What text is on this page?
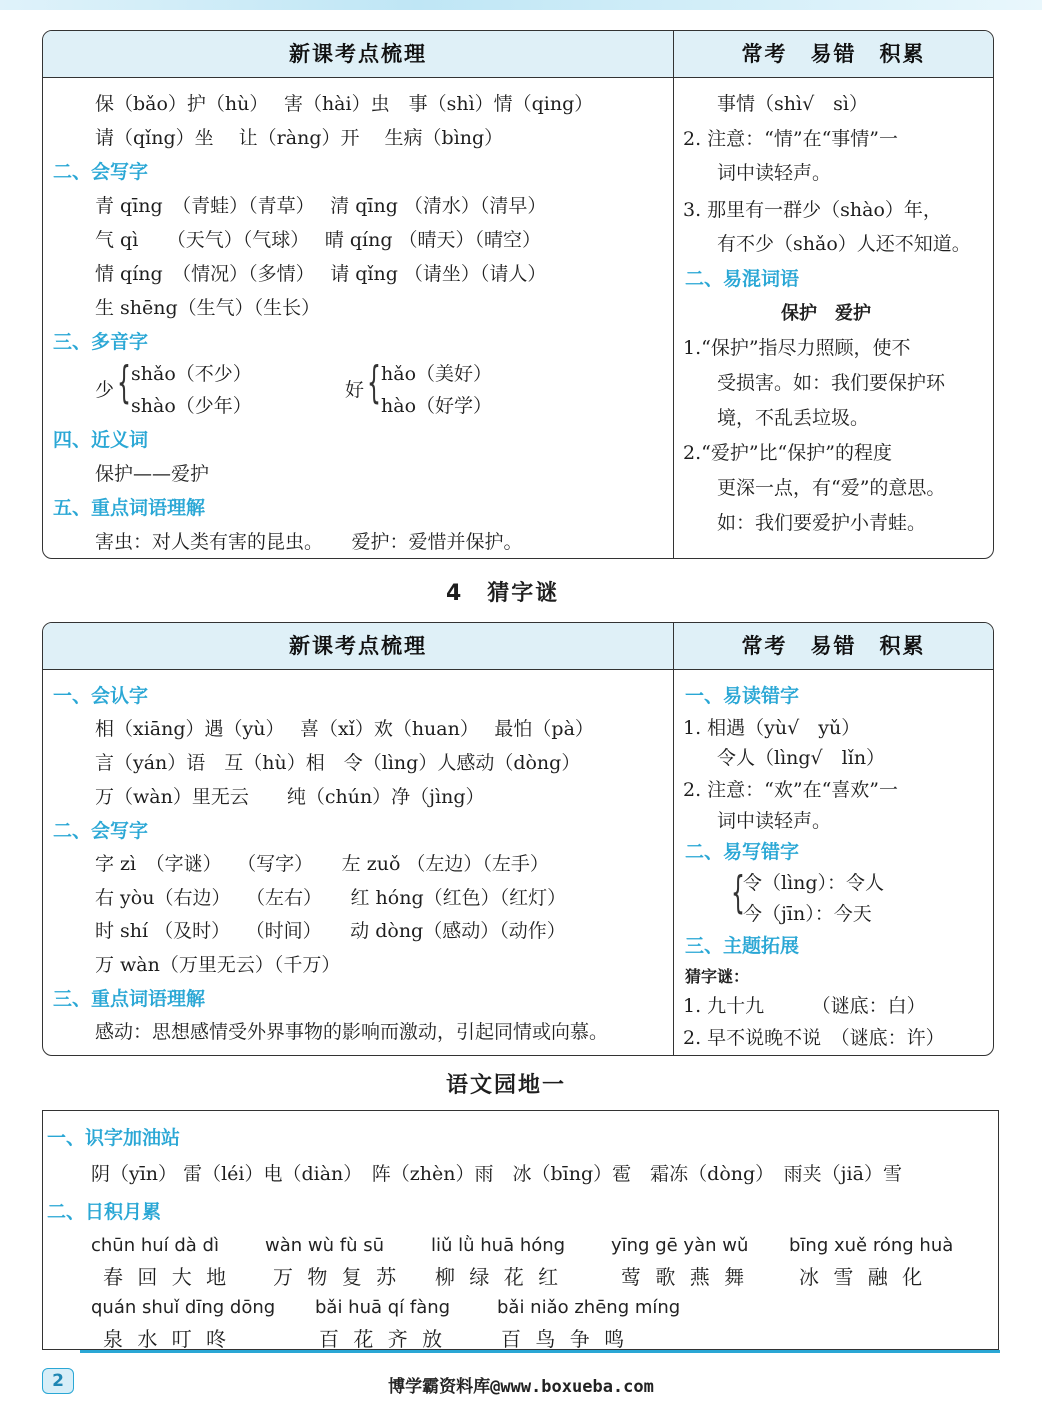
新课考点梳理	常考　易错　积累
保（bǎo）护（hù）　 害（hài）虫　事（shì）情（qing）
请（qǐng）坐　 让（ràng）开　 生病（bìng）
二、会写字
青 qīng　（青蛙）（青草）　 清 qīng （清水）（清早）
气 qì　　（天气）（气球）　 晴 qíng （晴天）（晴空）
情 qíng　（情况）（多情）　 请 qǐng （请坐）（请人）
生 shēng（生气）（生长）
三、多音字
少 { shǎo（不少）
shào（少年）
好 { hǎo（美好）
hào（好学）
四、近义词
保护——爱护
五、重点词语理解
害虫：对人类有害的昆虫。　　爱护：爱惜并保护。
事情（shì√　sì）
2. 注意：“情”在“事情”一
词中读轻声。
3. 那里有一群少（shào）年，
有不少（shǎo）人还不知道。
二、易混词语
保护　爱护
1.“保护”指尽力照顾，使不
受损害。如：我们要保护环
境，不乱丢垃圾。
2.“爱护”比“保护”的程度
更深一点，有“爱”的意思。
如：我们要爱护小青蛙。
4　猜字谜
新课考点梳理	常考　易错　积累
一、会认字
相（xiāng）遇（yù）　 喜（xǐ）欢（huan）　 最怕（pà）
言（yán）语　互（hù）相　令（lìng）人感动（dòng）
万（wàn）里无云　　纯（chún）净（jìng）
二、会写字
字 zì　（字谜）　 （写字）　　左 zuǒ （左边）（左手）
右 yòu（右边）　 （左右）　　红 hóng（红色）（红灯）
时 shí （及时）　 （时间）　　动 dòng（感动）（动作）
万 wàn（万里无云）（千万）
三、重点词语理解
感动：思想感情受外界事物的影响而激动，引起同情或向慕。
一、易读错字
1. 相遇（yù√　yǔ）
令人（lìng√　lǐn）
2. 注意：“欢”在“喜欢”一
词中读轻声。
二、易写错字
{
令（lìng）：令人
今（jīn）：今天
三、主题拓展
猜字谜：
1. 九十九　　　（谜底：白）
2. 早不说晚不说　（谜底：许）
语文园地一
一、识字加油站
阴（yīn） 雷（léi）电（diàn）　阵（zhèn）雨　冰（bīng）雹　霜冻（dòng）　雨夹（jiā）雪
二、日积月累
chūn huí dà dì
春 回 大 地
wàn wù fù sū
万 物 复 苏
liǔ lǜ huā hóng
柳 绿 花 红
yīng gē yàn wǔ
莺 歌 燕 舞
bīng xuě róng huà
冰 雪 融 化
quán shuǐ dīng dōng
泉 水 叮 咚
bǎi huā qí fàng
百 花 齐 放
bǎi niǎo zhēng míng
百 鸟 争 鸣
2	博学霸资料库@www.boxueba.com
